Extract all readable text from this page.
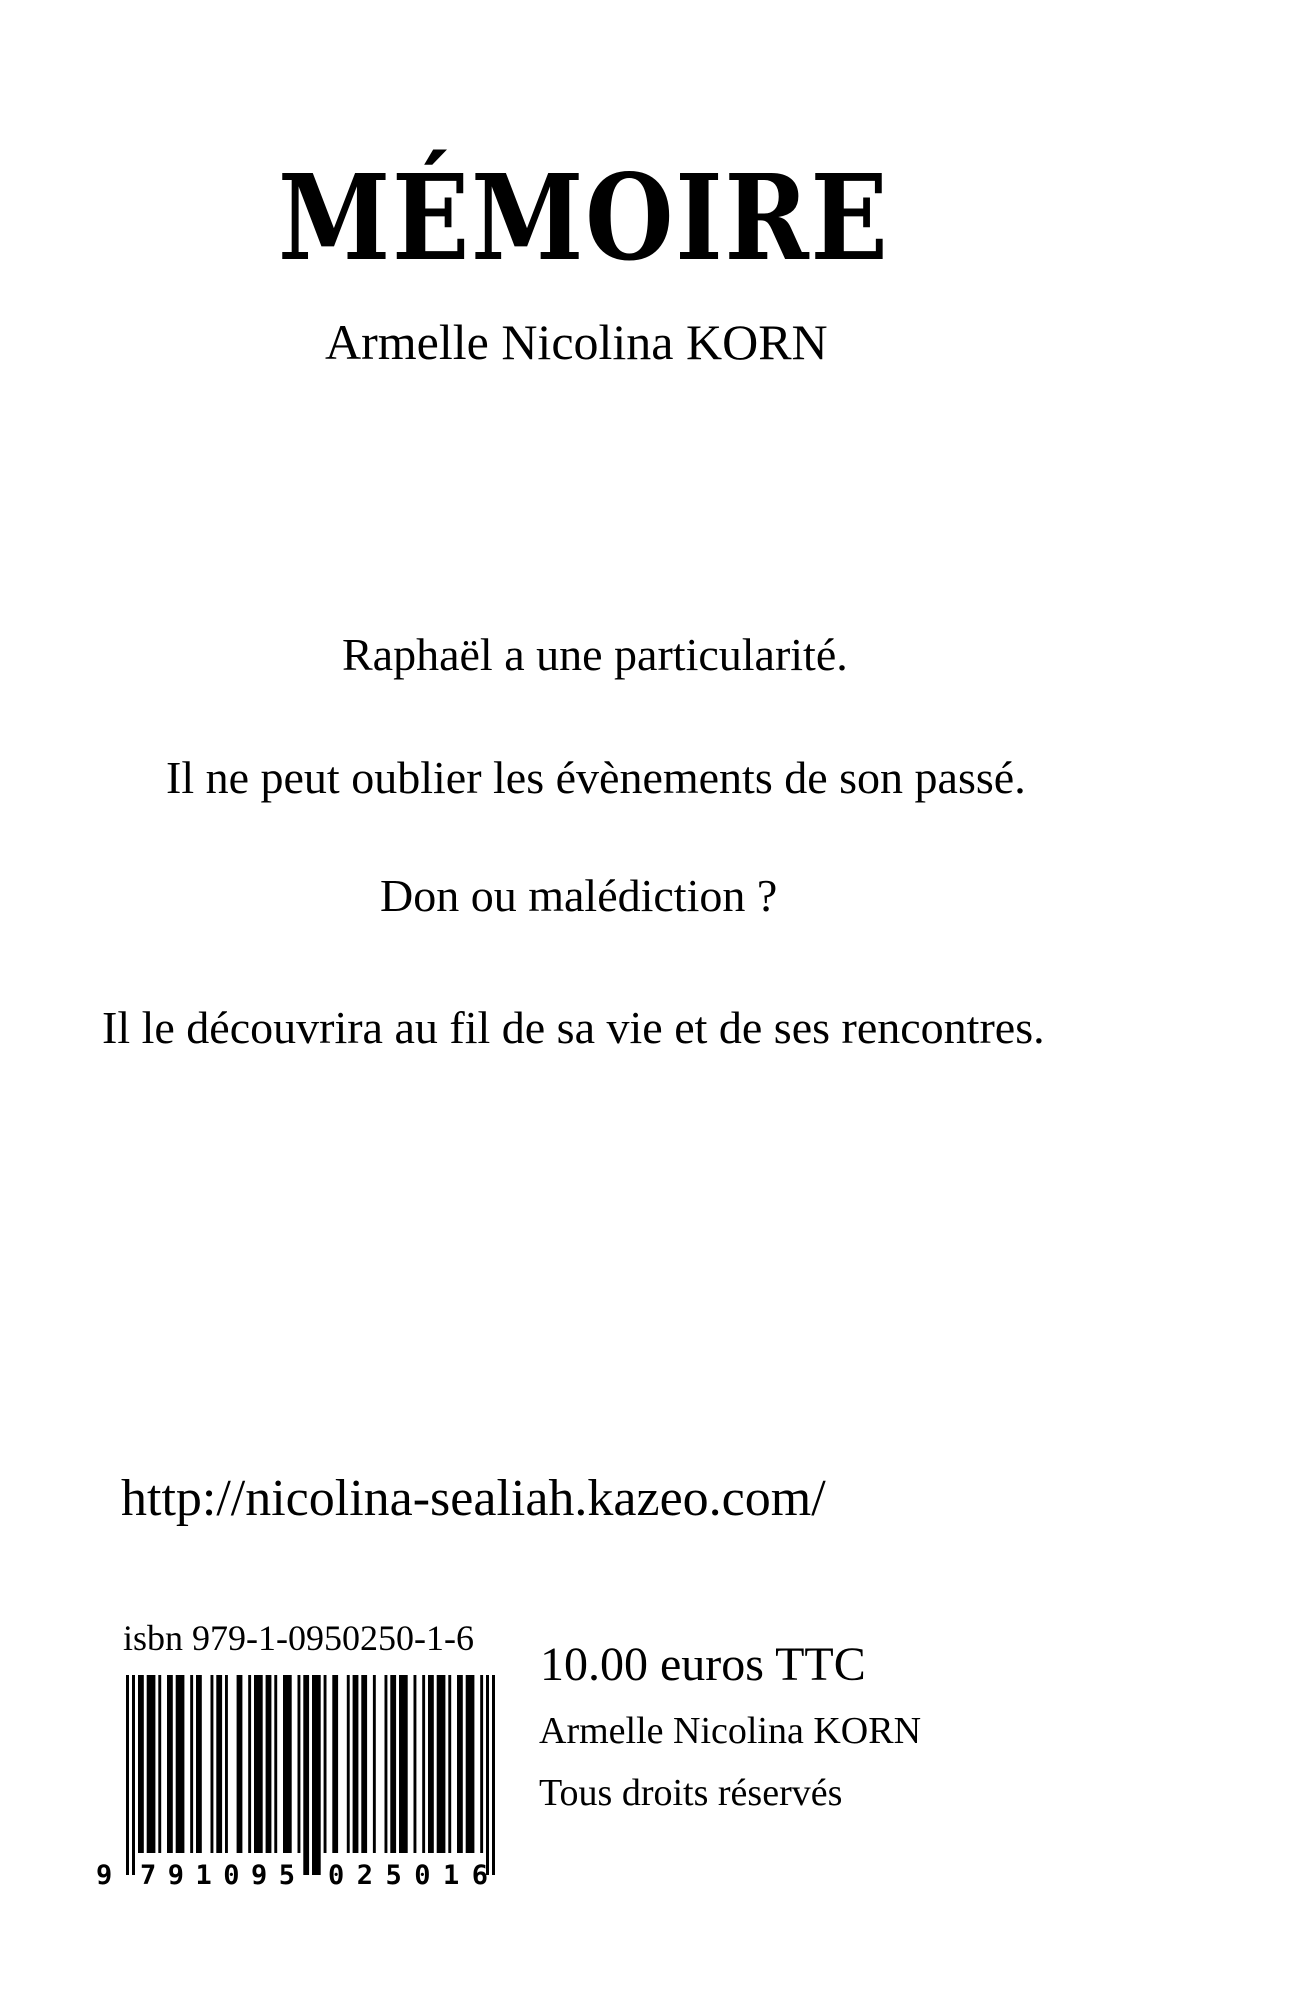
MÉMOIRE
Armelle Nicolina KORN
Raphaël a une particularité.
Il ne peut oublier les évènements de son passé.
Don ou malédiction ?
Il le découvrira au fil de sa vie et de ses rencontres.
http://nicolina-sealiah.kazeo.com/
isbn 979-1-0950250-1-6
9 791095 025016
10.00 euros TTC
Armelle Nicolina KORN
Tous droits réservés
